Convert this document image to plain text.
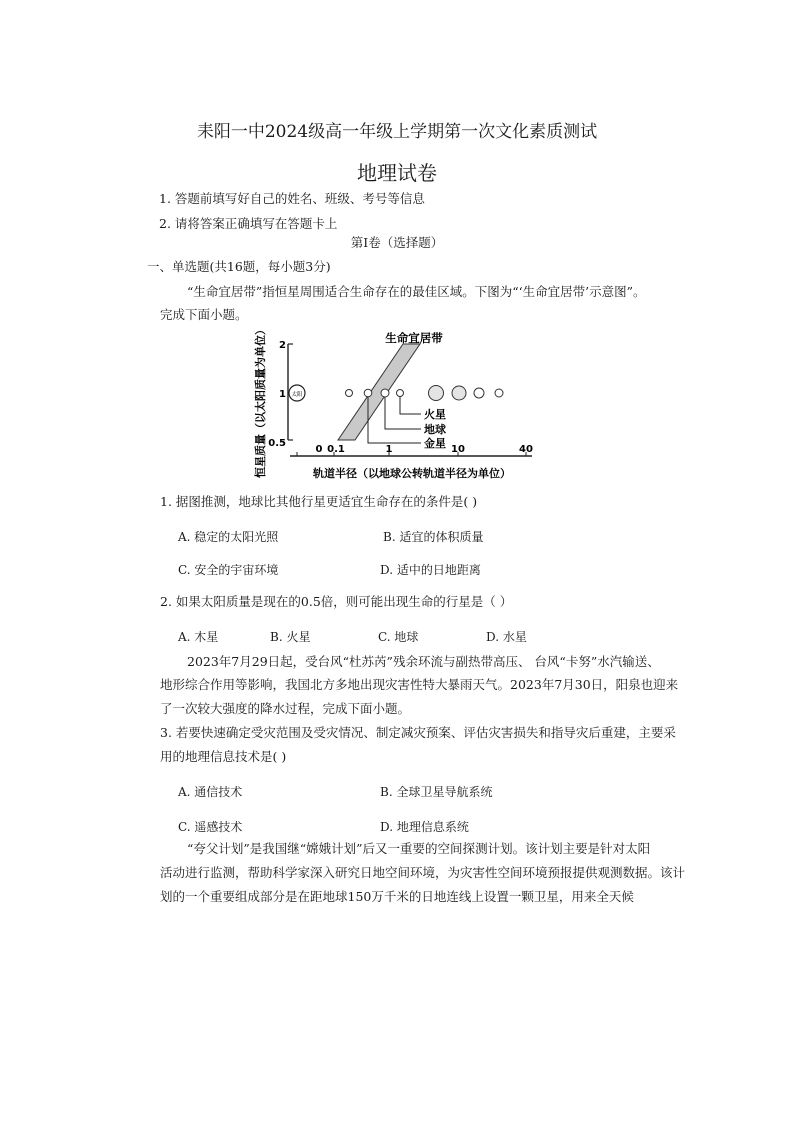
耒阳一中2024级高一年级上学期第一次文化素质测试
地理试卷
1. 答题前填写好自己的姓名、班级、考号等信息
2. 请将答案正确填写在答题卡上
第Ⅰ卷（选择题）
一、单选题(共16题，每小题3分)
“生命宜居带”指恒星周围适合生命存在的最佳区域。下图为“‘生命宜居带’示意图”。
完成下面小题。
恒星质量（以太阳质量为单位） 2
1
0.5
太阳
生命宜居带
火星
地球
金星
0 0.1	1	10	40
轨道半径（以地球公转轨道半径为单位）
1. 据图推测，地球比其他行星更适宜生命存在的条件是( )
A. 稳定的太阳光照	B. 适宜的体积质量
C. 安全的宇宙环境	D. 适中的日地距离
2. 如果太阳质量是现在的0.5倍，则可能出现生命的行星是（ ）
A. 木星	B. 火星	C. 地球	D. 水星
2023年7月29日起，受台风“杜苏芮”残余环流与副热带高压、 台风“卡努”水汽输送、
地形综合作用等影响，我国北方多地出现灾害性特大暴雨天气。2023年7月30日，阳泉也迎来
了一次较大强度的降水过程，完成下面小题。
3. 若要快速确定受灾范围及受灾情况、制定减灾预案、评估灾害损失和指导灾后重建，主要采
用的地理信息技术是( )
A. 通信技术	B. 全球卫星导航系统
C. 遥感技术	D. 地理信息系统
“夸父计划”是我国继“嫦娥计划”后又一重要的空间探测计划。该计划主要是针对太阳
活动进行监测，帮助科学家深入研究日地空间环境，为灾害性空间环境预报提供观测数据。该计
划的一个重要组成部分是在距地球150万千米的日地连线上设置一颗卫星，用来全天候
